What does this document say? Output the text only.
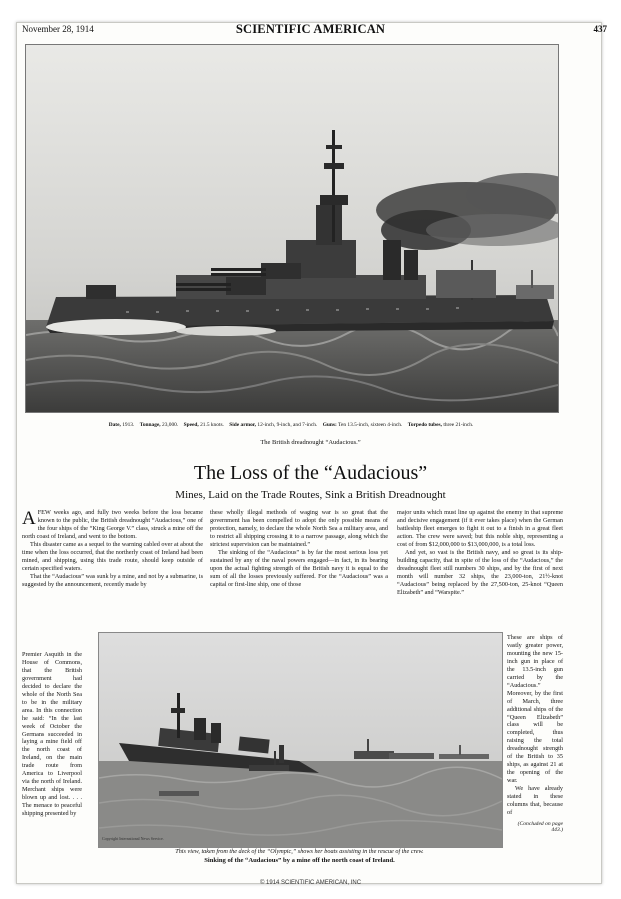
November 28, 1914	SCIENTIFIC AMERICAN	437
Date, 1913. Tonnage, 23,000. Speed, 21.5 knots. Side armor, 12-inch, 9-inch, and 7-inch. Guns: Ten 13.5-inch, sixteen 4-inch. Torpedo tubes, three 21-inch.
The British dreadnought “Audacious.”
The Loss of the “Audacious”
Mines, Laid on the Trade Routes, Sink a British Dreadnought

AFEW weeks ago, and fully two weeks before the loss became known to the public, the British dreadnought “Audacious,” one of the four ships of the “King George V.” class, struck a mine off the north coast of Ireland, and went to the bottom.

This disaster came as a sequel to the warning cabled over at about the time when the loss occurred, that the northerly coast of Ireland had been mined, and shipping, using this trade route, should keep outside of certain specified waters.

That the “Audacious” was sunk by a mine, and not by a submarine, is suggested by the announcement, recently made by

Premier Asquith in the House of Commons, that the British government had decided to declare the whole of the North Sea to be in the military area. In this connection he said: “In the last week of October the Germans succeeded in laying a mine field off the north coast of Ireland, on the main trade route from America to Liverpool via the north of Ireland. Merchant ships were blown up and lost. . . . The menace to peaceful shipping presented by

these wholly illegal methods of waging war is so great that the government has been compelled to adopt the only possible means of protection, namely, to declare the whole North Sea a military area, and to restrict all shipping crossing it to a narrow passage, along which the strictest supervision can be maintained.”

The sinking of the “Audacious” is by far the most serious loss yet sustained by any of the naval powers engaged—in fact, in its bearing upon the actual fighting strength of the British navy it is equal to the sum of all the losses previously suffered. For the “Audacious” was a capital or first-line ship, one of those

major units which must line up against the enemy in that supreme and decisive engagement (if it ever takes place) when the German battleship fleet emerges to fight it out to a finish in a great fleet action. The crew were saved; but this noble ship, representing a cost of from $12,000,000 to $13,000,000, is a total loss.

And yet, so vast is the British navy, and so great is its ship-building capacity, that in spite of the loss of the “Audacious,” the dreadnought fleet still numbers 30 ships, and by the first of next month will number 32 ships, the 23,000-ton, 21½-knot “Audacious” being replaced by the 27,500-ton, 25-knot “Queen Elizabeth” and “Warspite.”

These are ships of vastly greater power, mounting the new 15-inch gun in place of the 13.5-inch gun carried by the “Audacious.” Moreover, by the first of March, three additional ships of the “Queen Elizabeth” class will be completed, thus raising the total dreadnought strength of the British to 35 ships, as against 21 at the opening of the war.

We have already stated in these columns that, because of

(Concluded on page 443.)
Copyright International News Service.
This view, taken from the deck of the “Olympic,” shows her boats assisting in the rescue of the crew.
Sinking of the “Audacious” by a mine off the north coast of Ireland.
© 1914 SCIENTIFIC AMERICAN, INC
